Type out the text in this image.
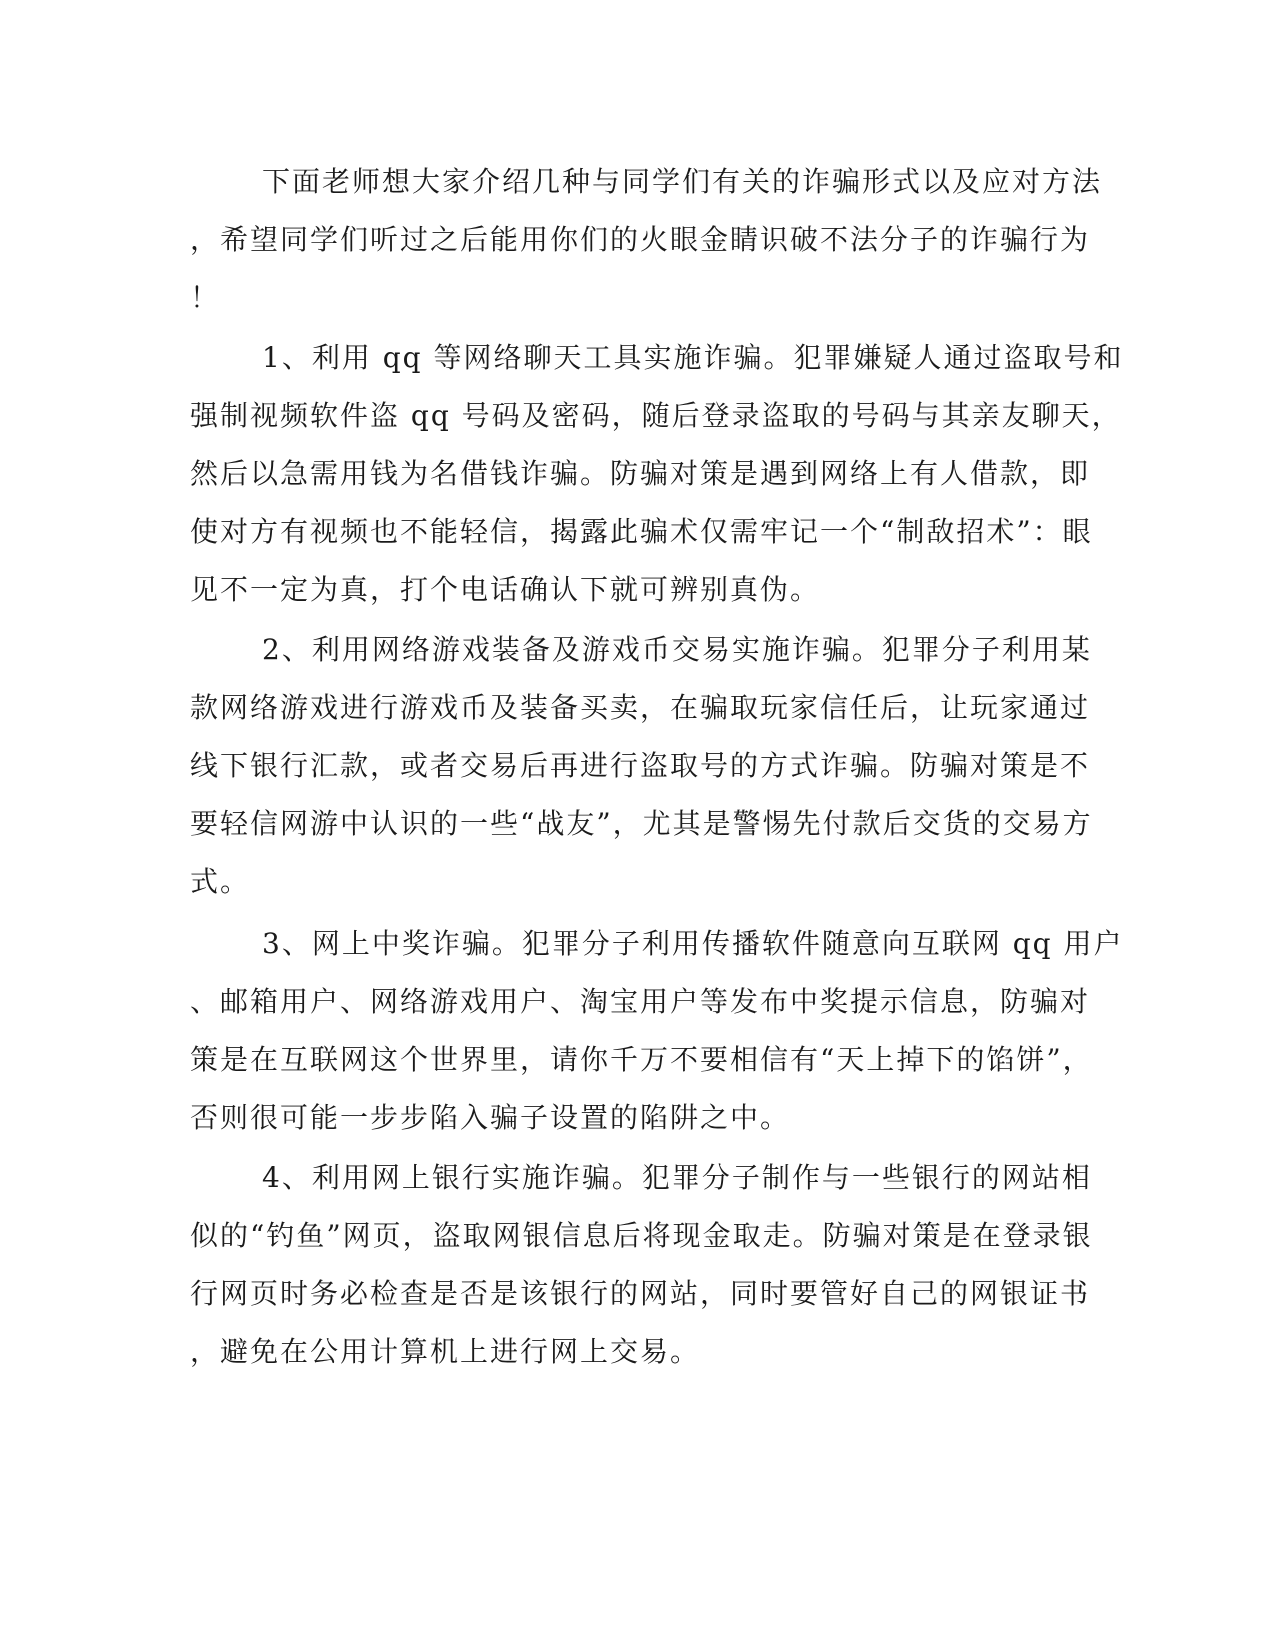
下面老师想大家介绍几种与同学们有关的诈骗形式以及应对方法
，希望同学们听过之后能用你们的火眼金睛识破不法分子的诈骗行为
！
1、利用 qq 等网络聊天工具实施诈骗。犯罪嫌疑人通过盗取号和
强制视频软件盗 qq 号码及密码，随后登录盗取的号码与其亲友聊天，
然后以急需用钱为名借钱诈骗。防骗对策是遇到网络上有人借款，即
使对方有视频也不能轻信，揭露此骗术仅需牢记一个“制敌招术”：眼
见不一定为真，打个电话确认下就可辨别真伪。
2、利用网络游戏装备及游戏币交易实施诈骗。犯罪分子利用某
款网络游戏进行游戏币及装备买卖，在骗取玩家信任后，让玩家通过
线下银行汇款，或者交易后再进行盗取号的方式诈骗。防骗对策是不
要轻信网游中认识的一些“战友”，尤其是警惕先付款后交货的交易方
式。
3、网上中奖诈骗。犯罪分子利用传播软件随意向互联网 qq 用户
、邮箱用户、网络游戏用户、淘宝用户等发布中奖提示信息，防骗对
策是在互联网这个世界里，请你千万不要相信有“天上掉下的馅饼”，
否则很可能一步步陷入骗子设置的陷阱之中。
4、利用网上银行实施诈骗。犯罪分子制作与一些银行的网站相
似的“钓鱼”网页，盗取网银信息后将现金取走。防骗对策是在登录银
行网页时务必检查是否是该银行的网站，同时要管好自己的网银证书
，避免在公用计算机上进行网上交易。
